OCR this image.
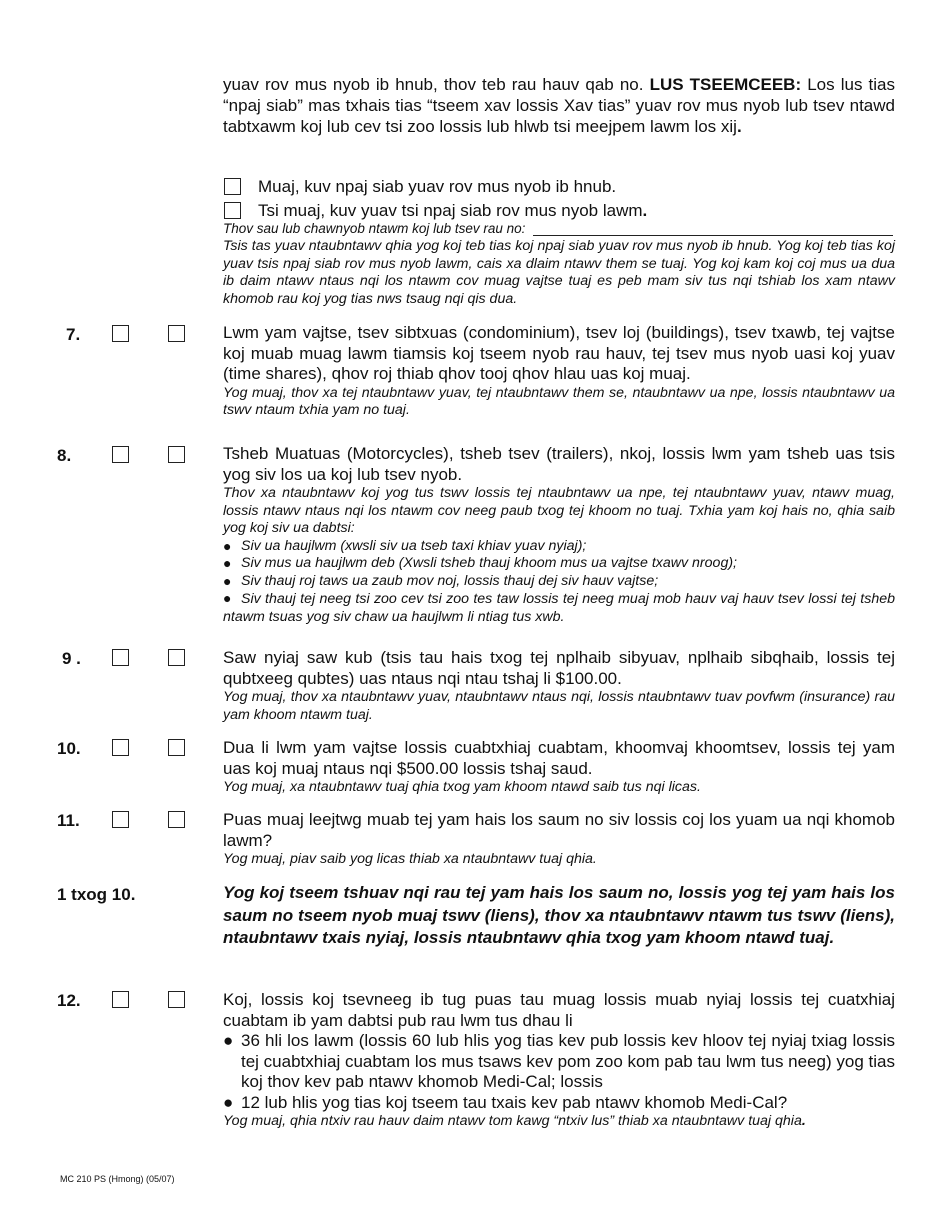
yuav rov mus nyob ib hnub, thov teb rau hauv qab no. LUS TSEEMCEEB: Los lus tias “npaj siab” mas txhais tias “tseem xav lossis Xav tias” yuav rov mus nyob lub tsev ntawd tabtxawm koj lub cev tsi zoo lossis lub hlwb tsi meejpem lawm los xij.
Muaj, kuv npaj siab yuav rov mus nyob ib hnub.
Tsi muaj, kuv yuav tsi npaj siab rov mus nyob lawm .
Thov sau lub chawnyob ntawm koj lub tsev rau no:
Tsis tas yuav ntaubntawv qhia yog koj teb tias koj npaj siab yuav rov mus nyob ib hnub. Yog koj teb tias koj yuav tsis npaj siab rov mus nyob lawm, cais xa dlaim ntawv them se tuaj. Yog koj kam koj coj mus ua dua ib daim ntawv ntaus nqi los ntawm cov muag vajtse tuaj es peb mam siv tus nqi tshiab los xam ntawv khomob rau koj yog tias nws tsaug nqi qis dua.
7.	Lwm yam vajtse, tsev sibtxuas (condominium), tsev loj (buildings), tsev txawb, tej vajtse koj muab muag lawm tiamsis koj tseem nyob rau hauv, tej tsev mus nyob uasi koj yuav (time shares), qhov roj thiab qhov tooj qhov hlau uas koj muaj.
Yog muaj, thov xa tej ntaubntawv yuav, tej ntaubntawv them se, ntaubntawv ua npe, lossis ntaubntawv ua tswv ntaum txhia yam no tuaj.
8.	Tsheb Muatuas (Motorcycles), tsheb tsev (trailers), nkoj, lossis lwm yam tsheb uas tsis yog siv los ua koj lub tsev nyob.
Thov xa ntaubntawv koj yog tus tswv lossis tej ntaubntawv ua npe, tej ntaubntawv yuav, ntawv muag, lossis ntawv ntaus nqi los ntawm cov neeg paub txog tej khoom no tuaj. Txhia yam koj hais no, qhia saib yog koj siv ua dabtsi:
● Siv ua haujlwm (xwsli siv ua tseb taxi khiav yuav nyiaj);
● Siv mus ua haujlwm deb (Xwsli tsheb thauj khoom mus ua vajtse txawv nroog);
● Siv thauj roj taws ua zaub mov noj, lossis thauj dej siv hauv vajtse;
● Siv thauj tej neeg tsi zoo cev tsi zoo tes taw lossis tej neeg muaj mob hauv vaj hauv tsev lossi tej tsheb ntawm tsuas yog siv chaw ua haujlwm li ntiag tus xwb.
9 .	Saw nyiaj saw kub (tsis tau hais txog tej nplhaib sibyuav, nplhaib sibqhaib, lossis tej qubtxeeg qubtes) uas ntaus nqi ntau tshaj li $100.00.
Yog muaj, thov xa ntaubntawv yuav, ntaubntawv ntaus nqi, lossis ntaubntawv tuav povfwm (insurance) rau yam khoom ntawm tuaj.
10.	Dua li lwm yam vajtse lossis cuabtxhiaj cuabtam, khoomvaj khoomtsev, lossis tej yam uas koj muaj ntaus nqi $500.00 lossis tshaj saud.
Yog muaj, xa ntaubntawv tuaj qhia txog yam khoom ntawd saib tus nqi licas.
11.	Puas muaj leejtwg muab tej yam hais los saum no siv lossis coj los yuam ua nqi khomob lawm?
Yog muaj, piav saib yog licas thiab xa ntaubntawv tuaj qhia.
1 txog 10.	Yog koj tseem tshuav nqi rau tej yam hais los saum no, lossis yog tej yam hais los saum no tseem nyob muaj tswv (liens), thov xa ntaubntawv ntawm tus tswv (liens), ntaubntawv txais nyiaj, lossis ntaubntawv qhia txog yam khoom ntawd tuaj.
12.	Koj, lossis koj tsevneeg ib tug puas tau muag lossis muab nyiaj lossis tej cuatxhiaj cuabtam ib yam dabtsi pub rau lwm tus dhau li
● 36 hli los lawm (lossis 60 lub hlis yog tias kev pub lossis kev hloov tej nyiaj txiag lossis tej cuabtxhiaj cuabtam los mus tsaws kev pom zoo kom pab tau lwm tus neeg) yog tias koj thov kev pab ntawv khomob Medi-Cal; lossis
● 12 lub hlis yog tias koj tseem tau txais kev pab ntawv khomob Medi-Cal?
Yog muaj, qhia ntxiv rau hauv daim ntawv tom kawg “ntxiv lus” thiab xa ntaubntawv tuaj qhia.
MC 210 PS (Hmong) (05/07)
